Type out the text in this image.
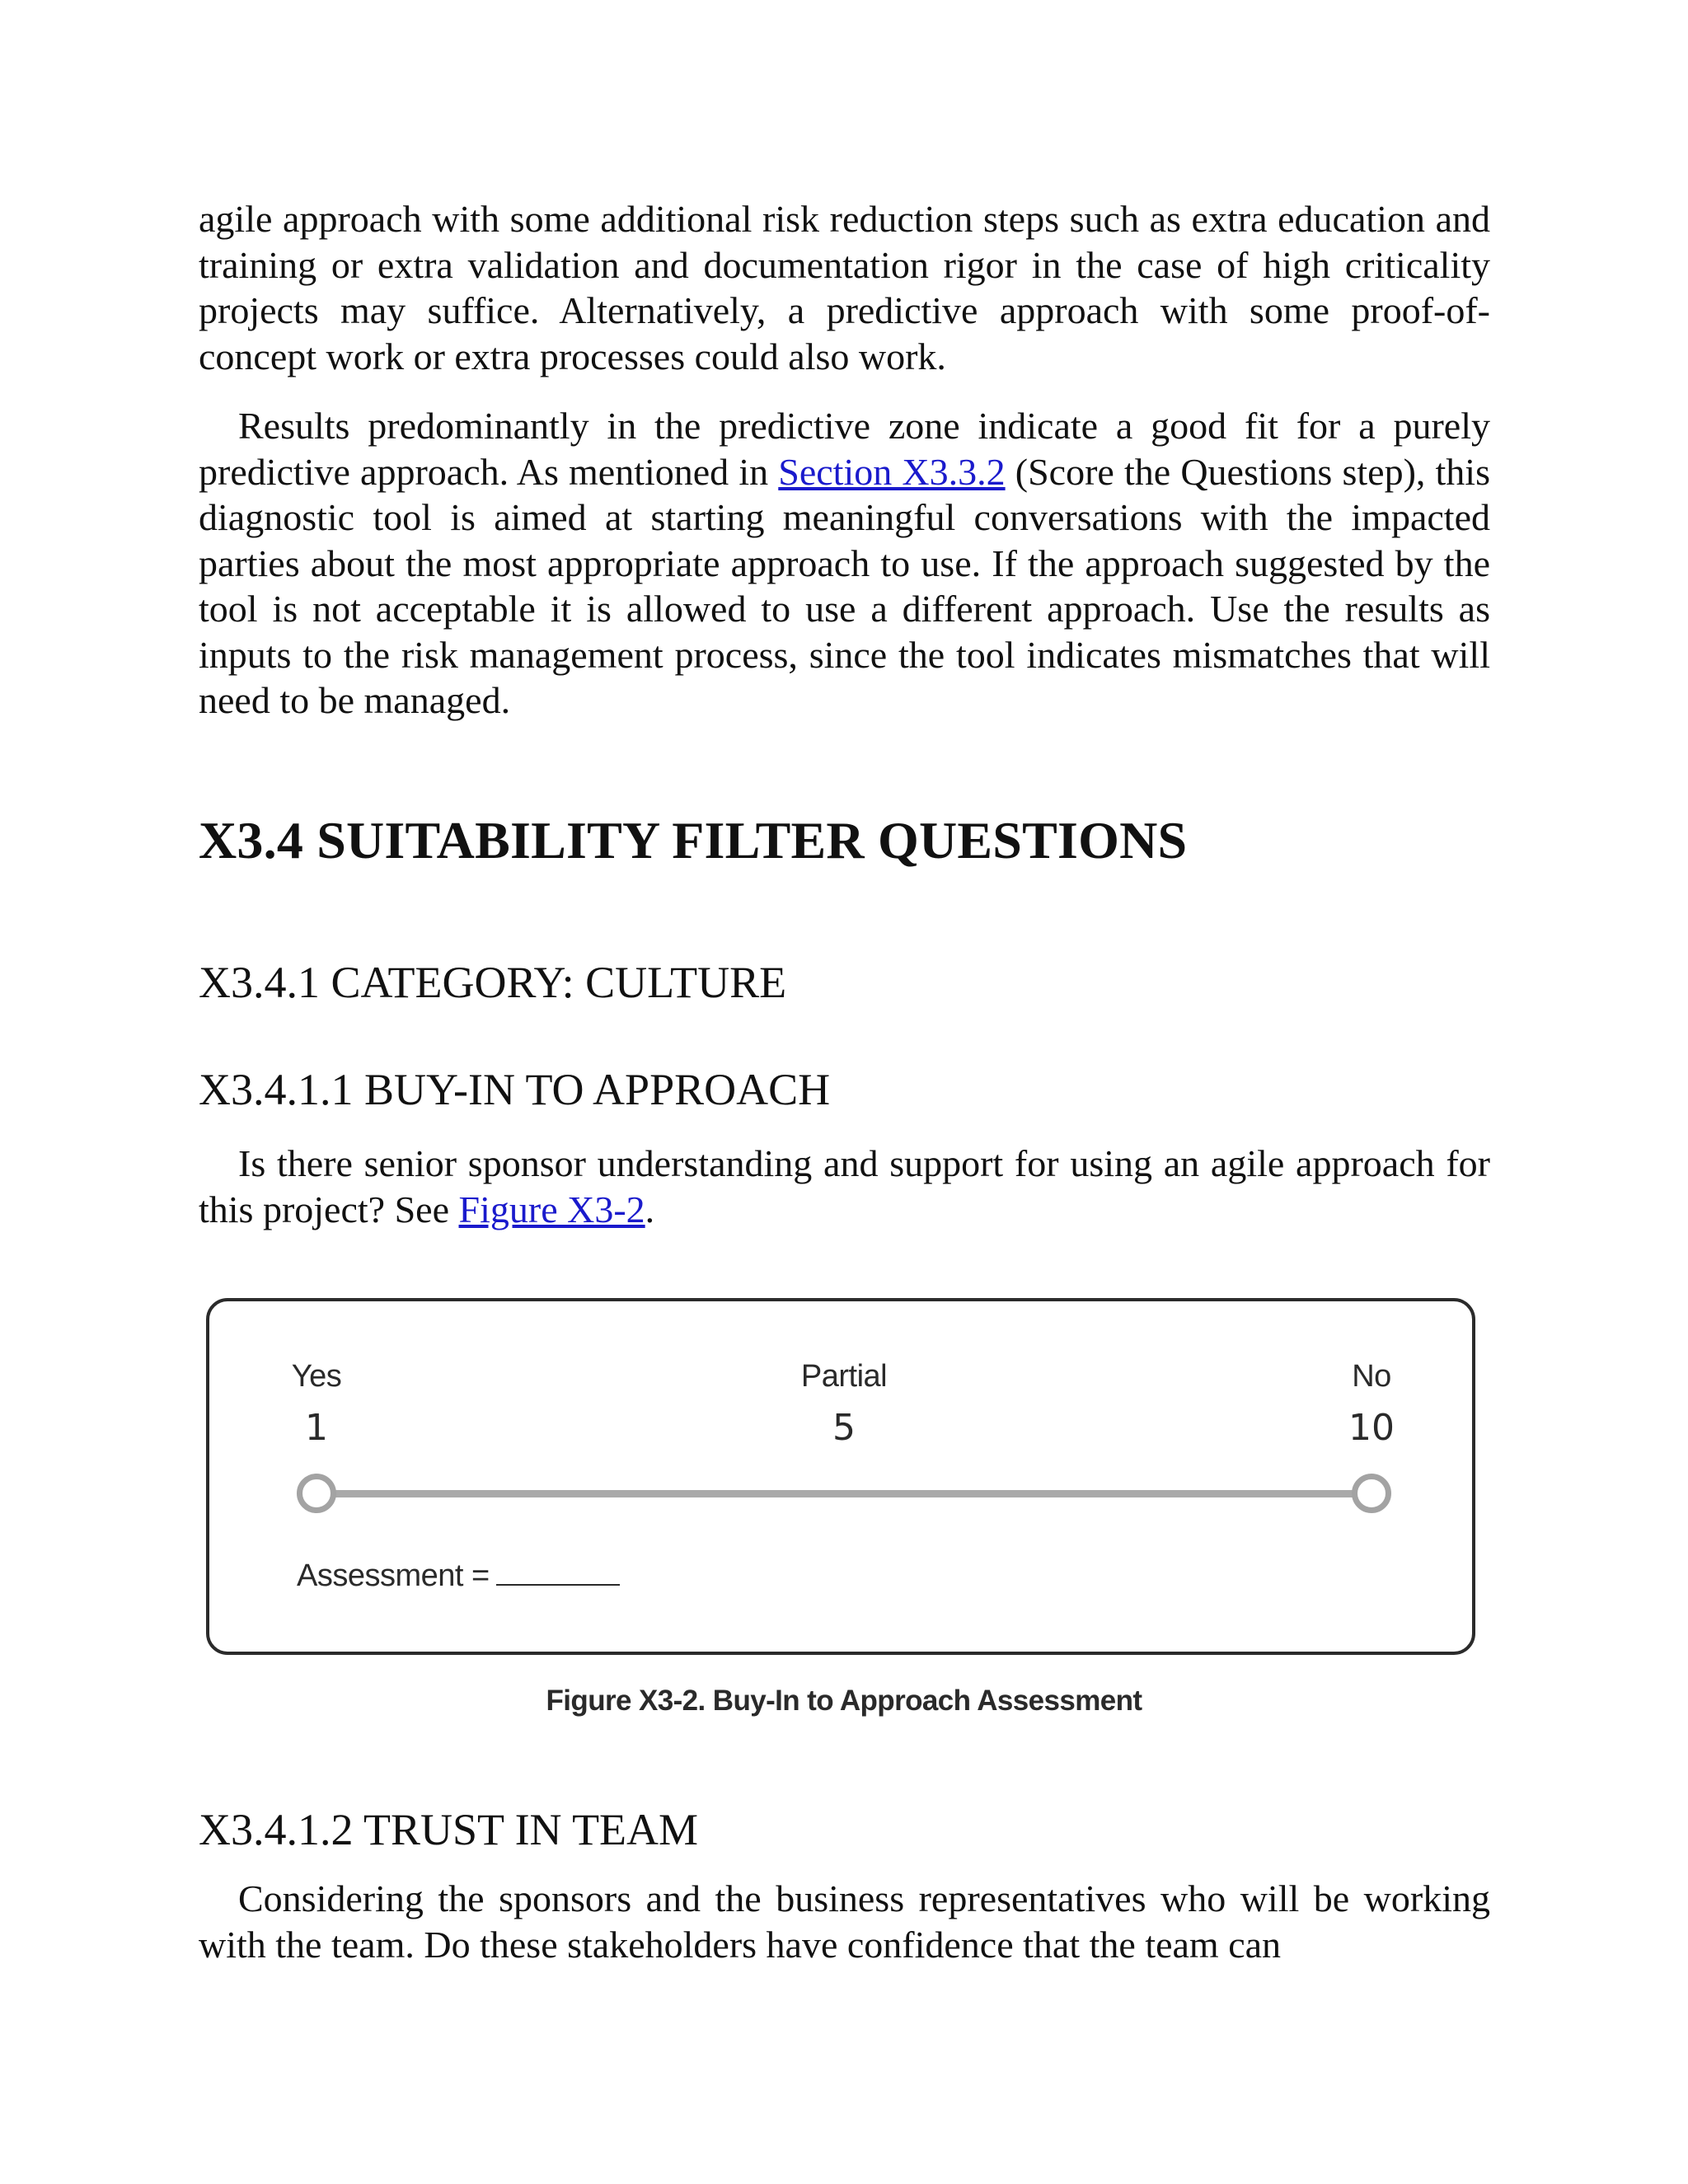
agile approach with some additional risk reduction steps such as extra education and training or extra validation and documentation rigor in the case of high criticality projects may suffice. Alternatively, a predictive approach with some proof-of-concept work or extra processes could also work.

Results predominantly in the predictive zone indicate a good fit for a purely predictive approach. As mentioned in Section X3.3.2 (Score the Questions step), this diagnostic tool is aimed at starting meaningful conversations with the impacted parties about the most appropriate approach to use. If the approach suggested by the tool is not acceptable it is allowed to use a different approach. Use the results as inputs to the risk management process, since the tool indicates mismatches that will need to be managed.

X3.4 SUITABILITY FILTER QUESTIONS
X3.4.1 CATEGORY: CULTURE
X3.4.1.1 BUY-IN TO APPROACH

Is there senior sponsor understanding and support for using an agile approach for this project? See Figure X3-2.

Yes
1
Partial
5
No
10
Assessment =
Figure X3-2. Buy-In to Approach Assessment
X3.4.1.2 TRUST IN TEAM

Considering the sponsors and the business representatives who will be working with the team. Do these stakeholders have confidence that the team can
